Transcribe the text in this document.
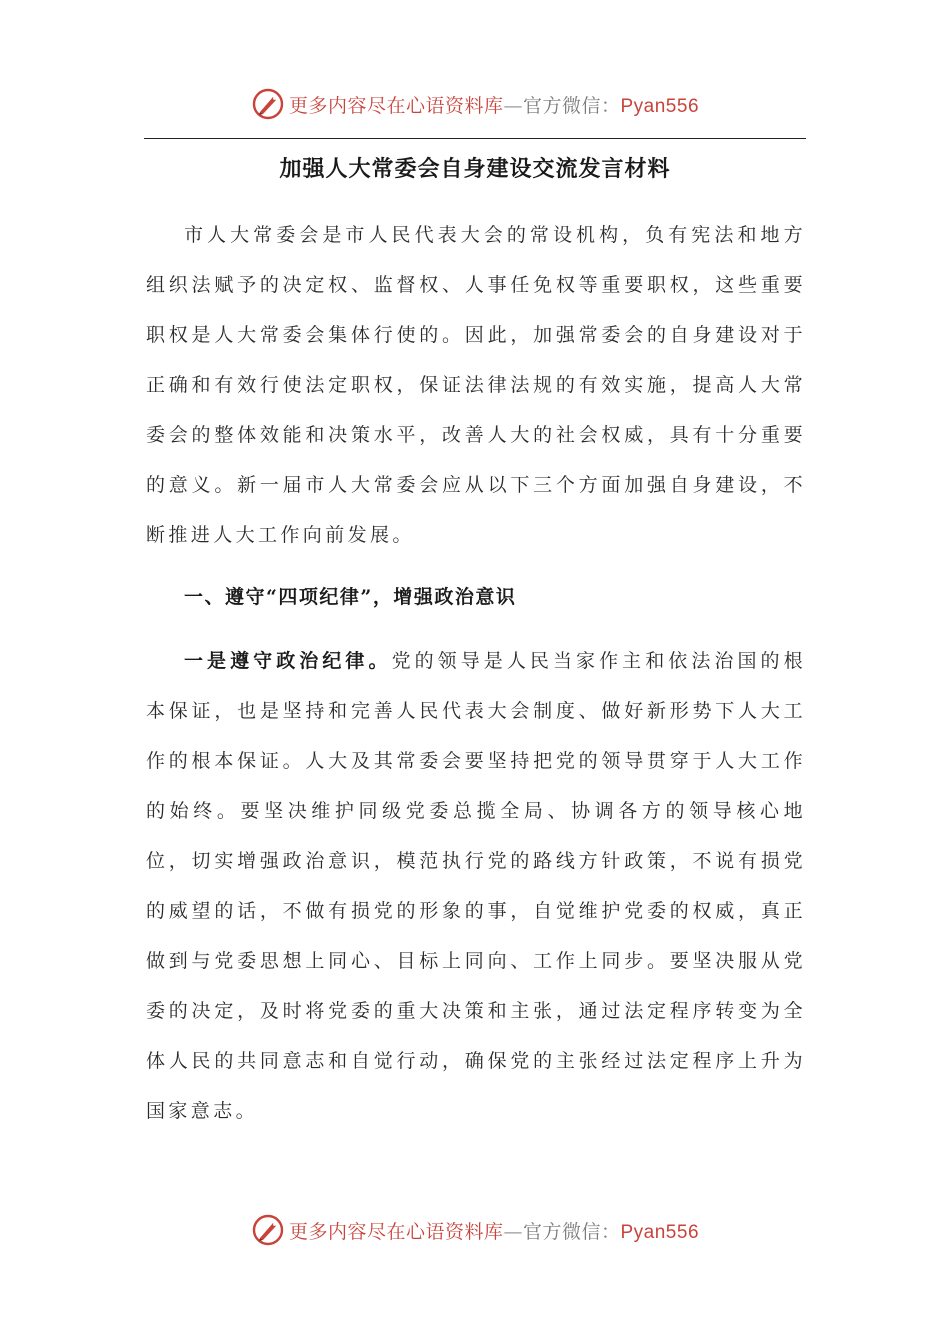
更多内容尽在心语资料库—官方微信：Pyan556
加强人大常委会自身建设交流发言材料

市人大常委会是市人民代表大会的常设机构，负有宪法和地方组织法赋予的决定权、监督权、人事任免权等重要职权，这些重要职权是人大常委会集体行使的。因此，加强常委会的自身建设对于正确和有效行使法定职权，保证法律法规的有效实施，提高人大常委会的整体效能和决策水平，改善人大的社会权威，具有十分重要的意义。新一届市人大常委会应从以下三个方面加强自身建设，不断推进人大工作向前发展。

一、遵守“四项纪律”，增强政治意识

一是遵守政治纪律。党的领导是人民当家作主和依法治国的根本保证，也是坚持和完善人民代表大会制度、做好新形势下人大工作的根本保证。人大及其常委会要坚持把党的领导贯穿于人大工作的始终。要坚决维护同级党委总揽全局、协调各方的领导核心地位，切实增强政治意识，模范执行党的路线方针政策，不说有损党的威望的话，不做有损党的形象的事，自觉维护党委的权威，真正做到与党委思想上同心、目标上同向、工作上同步。要坚决服从党委的决定，及时将党委的重大决策和主张，通过法定程序转变为全体人民的共同意志和自觉行动，确保党的主张经过法定程序上升为国家意志。

更多内容尽在心语资料库—官方微信：Pyan556
